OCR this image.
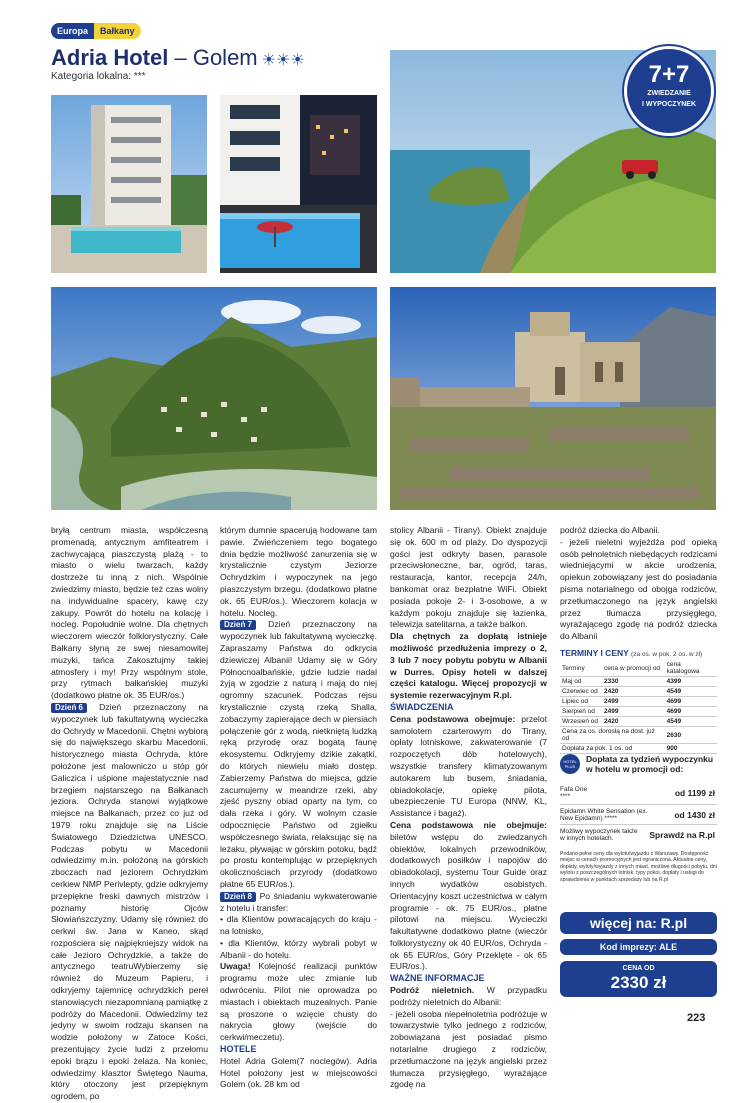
Europa	Bałkany
Adria Hotel – Golem ☀☀☀
Kategoria lokalna: ***	7+7
ZWIEDZANIE
I WYPOCZYNEK

bryłą centrum miasta, współczesną promenadą, antycznym amfiteatrem i zachwycającą piaszczystą plażą - to miasto o wielu twarzach, każdy dostrzeże tu inną z nich. Wspólnie zwiedzimy miasto, będzie też czas wolny na indywidualne spacery, kawę czy zakupy. Powrót do hotelu na kolację i nocleg. Popołudnie wolne. Dla chętnych wieczorem wieczór folklorystyczny. Całe Bałkany słyną ze swej niesamowitej muzyki, tańca Zakosztujmy takiej atmosfery i my! Przy wspólnym stole, przy rytmach bałkańskiej muzyki (dodatkowo płatne ok. 35 EUR/os.)

Dzień 6 Dzień przeznaczony na wypoczynek lub fakultatywną wycieczka do Ochrydy w Macedonii. Chętni wybiorą się do największego skarbu Macedonii, historycznego miasta Ochryda, które położone jest malowniczo u stóp gór Galiczica i uśpione majestatycznie nad brzegiem najstarszego na Bałkanach jeziora. Ochryda stanowi wyjątkowe miejsce na Bałkanach, przez co już od 1979 roku znajduje się na Liście Światowego Dziedzictwa UNESCO. Podczas pobytu w Macedonii odwiedzimy m.in. położoną na górskich zboczach nad jeziorem Ochrydzkim cerkiew NMP Perivlepty, gdzie odkryjemy przepiękne freski dawnych mistrzów i poznamy historię Ojców Słowiańszczyzny. Udamy się również do cerkwi św. Jana w Kaneo, skąd rozpościera się najpiękniejszy widok na całe Jezioro Ochrydzkie, a także do antycznego teatruWybierzemy się również do Muzeum Papieru, i odkryjemy tajemnicę ochrydzkich pereł stanowiących niezapomnianą pamiątkę z podróży do Macedonii. Odwiedzimy też jedyny w swoim rodzaju skansen na wodzie położony w Zatoce Kości, prezentujący życie ludzi z przełomu epoki brązu i epoki żelaza. Na koniec, odwiedzimy klasztor Świętego Nauma, który otoczony jest przepięknym ogrodem, po

którym dumnie spacerują hodowane tam pawie. Zwieńczeniem tego bogatego dnia będzie możliwość zanurzenia się w krystalicznie czystym Jeziorze Ochrydzkim i wypoczynek na jego piaszczystym brzegu. (dodatkowo płatne ok. 65 EUR/os.). Wieczorem kolacja w hotelu. Nocleg.

Dzień 7 Dzień przeznaczony na wypoczynek lub fakultatywną wycieczkę. Zapraszamy Państwa do odkrycia dziewiczej Albanii! Udamy się w Góry Północnoalbańskie, gdzie ludzie nadal żyją w zgodzie z naturą i mają do niej ogromny szacunek. Podczas rejsu krystalicznie czystą rzeką Shalla, zobaczymy zapierające dech w piersiach połączenie gór z wodą, nietkniętą ludzką ręką przyrodę oraz bogatą faunę ekosystemu. Odkryjemy dzikie zakątki, do których niewielu miało dostęp. Zabierzemy Państwa do miejsca, gdzie zacumujemy w meandrze rzeki, aby zjeść pyszny obiad oparty na tym, co dała rzeka i góry. W wolnym czasie odpocznięcie Państwo od zgiełku współczesnego świata, relaksując się na leżaku, pływając w górskim potoku, bądź po prostu kontemplując w przepięknych okolicznościach przyrody (dodatkowo płatne 65 EUR/os.).

Dzień 8 Po śniadaniu wykwaterowanie z hotelu i transfer:

• dla Klientów powracających do kraju - na lotnisko,

• dla Klientów, którzy wybrali pobyt w Albanii - do hotelu.

Uwaga! Kolejność realizacji punktów programu może ulec zmianie lub odwróceniu. Pilot nie oprowadza po miastach i obiektach muzealnych. Panie są proszone o wzięcie chusty do nakrycia głowy (wejście do cerkwi/meczetu).

HOTELE

Hotel Adria Golem(7 noclegów). Adria Hotel położony jest w miejscowości Golem (ok. 28 km od

stolicy Albanii - Tirany). Obiekt znajduje się ok. 600 m od plaży. Do dyspozycji gości jest odkryty basen, parasole przeciwsłoneczne, bar, ogród, taras, restauracja, kantor, recepcja 24/h, bankomat oraz bezpłatne WiFi. Obiekt posiada pokoje 2- i 3-osobowe, a w każdym pokoju znajduje się łazienka, telewizja satelitarna, a także balkon.

Dla chętnych za dopłatą istnieje możliwość przedłużenia imprezy o 2, 3 lub 7 nocy pobytu pobytu w Albanii w Durres. Opisy hoteli w dalszej części katalogu. Więcej propozycji w systemie rezerwacyjnym R.pl.

ŚWIADCZENIA

Cena podstawowa obejmuje: przelot samolotem czarterowym do Tirany, opłaty lotniskowe, zakwaterowanie (7 rozpoczętych dób hotelowych), wszystkie transfery klimatyzowanym autokarem lub busem, śniadania, obiadokolacje, opiekę pilota, ubezpieczenie TU Europa (NNW, KL, Assistance i bagaż).

Cena podstawowa nie obejmuje: biletów wstępu do zwiedzanych obiektów, lokalnych przewodników, dodatkowych posiłków i napojów do obiadokolacji, systemu Tour Guide oraz innych wydatków osobistych. Orientacyjny koszt uczestnictwa w całym programie - ok. 75 EUR/os., płatne pilotowi na miejscu. Wycieczki fakultatywne dodatkowo płatne (wieczór folklorystyczny ok 40 EUR/os, Ochryda - ok 65 EUR/os, Góry Przeklęte - ok 65 EUR/os.).

WAŻNE INFORMACJE

Podróż nieletnich. W przypadku podróży nieletnich do Albanii:

- jeżeli osoba niepełnoletnia podróżuje w towarzystwie tylko jednego z rodziców, zobowiązana jest posiadać pismo notarialne drugiego z rodziców, przetłumaczone na język angielski przez tłumacza przysięgłego, wyrażające zgodę na

podróż dziecka do Albanii.

- jeżeli nieletni wyjeżdża pod opieką osób pełnoletnich niebędących rodzicami wiedniejącymi w akcie urodzenia, opiekun zobowiązany jest do posiadania pisma notarialnego od obojga rodziców, przetłumaczonego na język angielski przez tłumacza przysięgłego, wyrażającego zgodę na podróż dziecka do Albanii

TERMINY I CENY (za os. w pok. 2 os. w zł)
Terminy	cena w promocji od	cena katalogowa
Maj od	2330	4399
Czerwiec od	2420	4549
Lipiec od	2499	4699
Sierpień od	2499	4699
Wrzesień od	2420	4549
Cena za os. dorosłą na dost. już od		2630
Dopłata za pok. 1 os. od		900
HOTEL PLUS
Dopłata za tydzień wypoczynku w hotelu w promocji od:
Fafa One
****	od 1199 zł
Epidamn White Sensation (ex. New Epidamn) *****	od 1430 zł
Możliwy wypoczynek także w innych hotelach.	Sprawdź na R.pl
Podano pełne ceny dla wylotu/wyjazdu z Warszawy. Dostępność miejsc w cenach promocyjnych jest ograniczona. Aktualne ceny, dopłaty, wyloty/wyjazdy z innych miast, możliwe długości pobytu, dni wylotu z poszczególnych lotnisk, typy pokoi, dopłaty i usługi do sprawdzenia w punktach sprzedaży lub na R.pl
więcej na: R.pl
Kod imprezy: ALE
CENA OD
2330 zł
223
